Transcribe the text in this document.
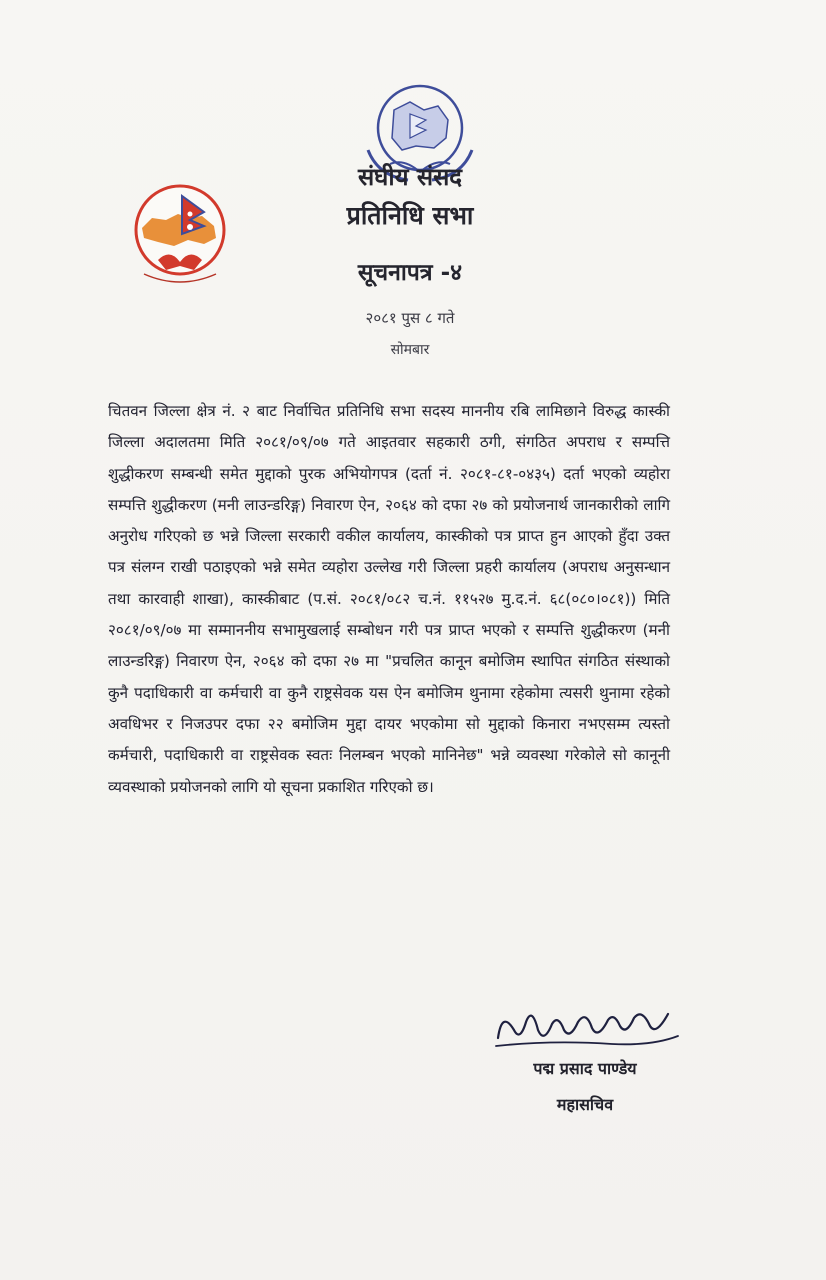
संघीय संसद
प्रतिनिधि सभा
सूचनापत्र -४
२०८१ पुस ८ गते
सोमबार

चितवन जिल्ला क्षेत्र नं. २ बाट निर्वाचित प्रतिनिधि सभा सदस्य माननीय रबि लामिछाने विरुद्ध कास्की जिल्ला अदालतमा मिति २०८१/०९/०७ गते आइतवार सहकारी ठगी, संगठित अपराध र सम्पत्ति शुद्धीकरण सम्बन्धी समेत मुद्दाको पुरक अभियोगपत्र (दर्ता नं. २०८१-८१-०४३५) दर्ता भएको व्यहोरा सम्पत्ति शुद्धीकरण (मनी लाउन्डरिङ्ग) निवारण ऐन, २०६४ को दफा २७ को प्रयोजनार्थ जानकारीको लागि अनुरोध गरिएको छ भन्ने जिल्ला सरकारी वकील कार्यालय, कास्कीको पत्र प्राप्त हुन आएको हुँदा उक्त पत्र संलग्न राखी पठाइएको भन्ने समेत व्यहोरा उल्लेख गरी जिल्ला प्रहरी कार्यालय (अपराध अनुसन्धान तथा कारवाही शाखा), कास्कीबाट (प.सं. २०८१/०८२ च.नं. ११५२७ मु.द.नं. ६८(०८०।०८१)) मिति २०८१/०९/०७ मा सम्माननीय सभामुखलाई सम्बोधन गरी पत्र प्राप्त भएको र सम्पत्ति शुद्धीकरण (मनी लाउन्डरिङ्ग) निवारण ऐन, २०६४ को दफा २७ मा "प्रचलित कानून बमोजिम स्थापित संगठित संस्थाको कुनै पदाधिकारी वा कर्मचारी वा कुनै राष्ट्रसेवक यस ऐन बमोजिम थुनामा रहेकोमा त्यसरी थुनामा रहेको अवधिभर र निजउपर दफा २२ बमोजिम मुद्दा दायर भएकोमा सो मुद्दाको किनारा नभएसम्म त्यस्तो कर्मचारी, पदाधिकारी वा राष्ट्रसेवक स्वतः निलम्बन भएको मानिनेछ" भन्ने व्यवस्था गरेकोले सो कानूनी व्यवस्थाको प्रयोजनको लागि यो सूचना प्रकाशित गरिएको छ।

पद्म प्रसाद पाण्डेय
महासचिव
